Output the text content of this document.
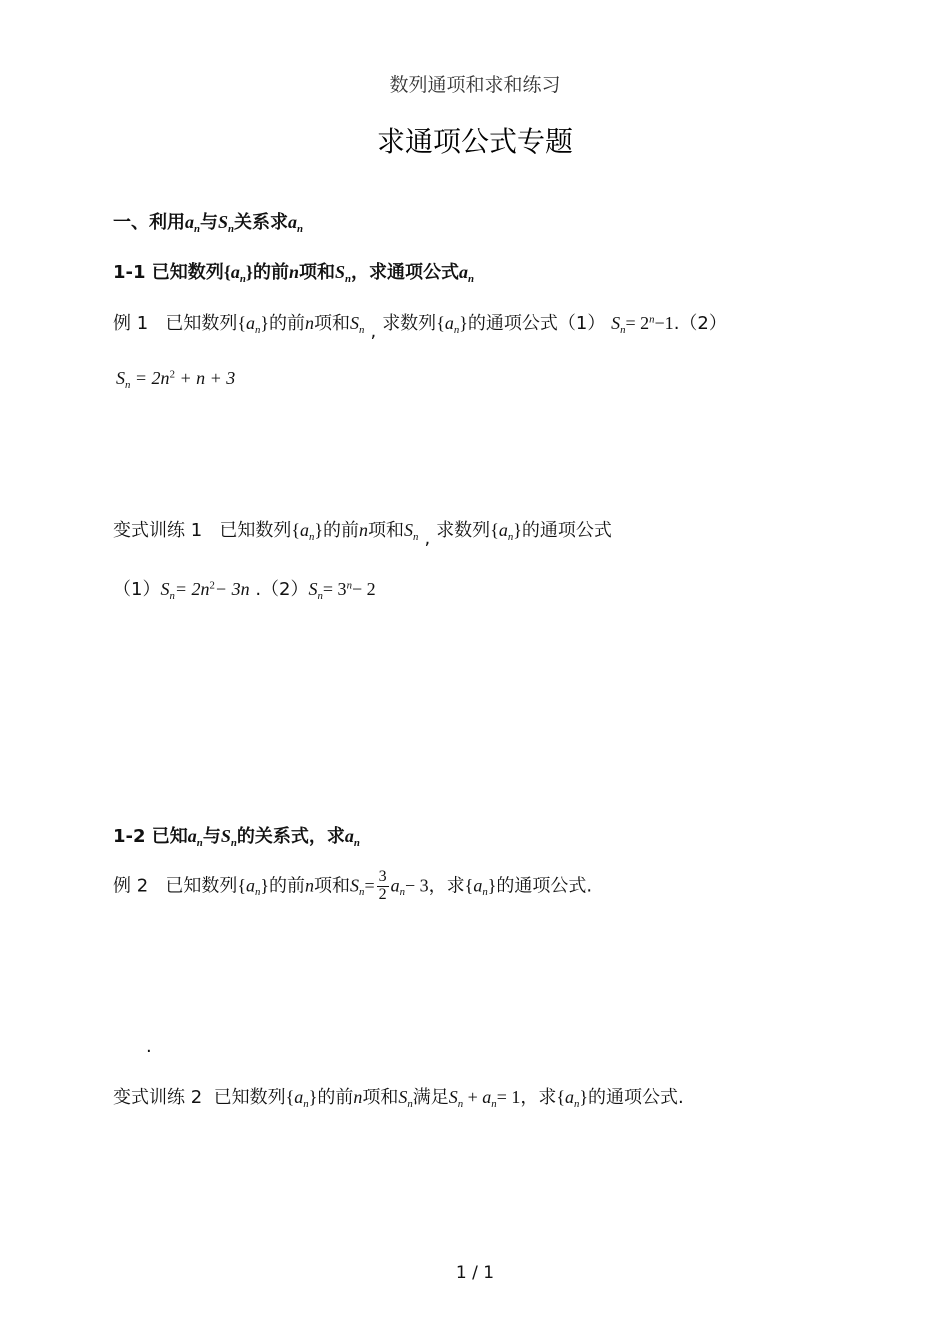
数列通项和求和练习
求通项公式专题
一、利用$a_n$与$S_n$关系求$a_n$
1-1 已知数列$\{a_n\}$的前n项和$S_n$，求通项公式$a_n$
例 1 已知数列$\{a_n\}$的前n项和$S_n$ , 求数列$\{a_n\}$的通项公式（1） $S_n= 2^n-1.(2)$
$S_n = 2n^2 + n + 3$
变式训练 1 已知数列$\{a_n\}$的前n项和$S_n$ , 求数列$\{a_n\}$的通项公式
$(1)S_n= 2n^2- 3n$ $.(2)S_n= 3^n- 2$
1-2 已知$a_n$与$S_n$的关系式，求$a_n$
例 2 已知数列$\{a_n\}$的前n项和$S_n= \frac{3}{2} a_n- 3$，求$\{a_n\}$的通项公式.
.
变式训练 2 已知数列$\{a_n\}$的前n项和$S_n$满足$S_n + a_n= 1$，求$\{a_n\}$的通项公式.
1 / 1
